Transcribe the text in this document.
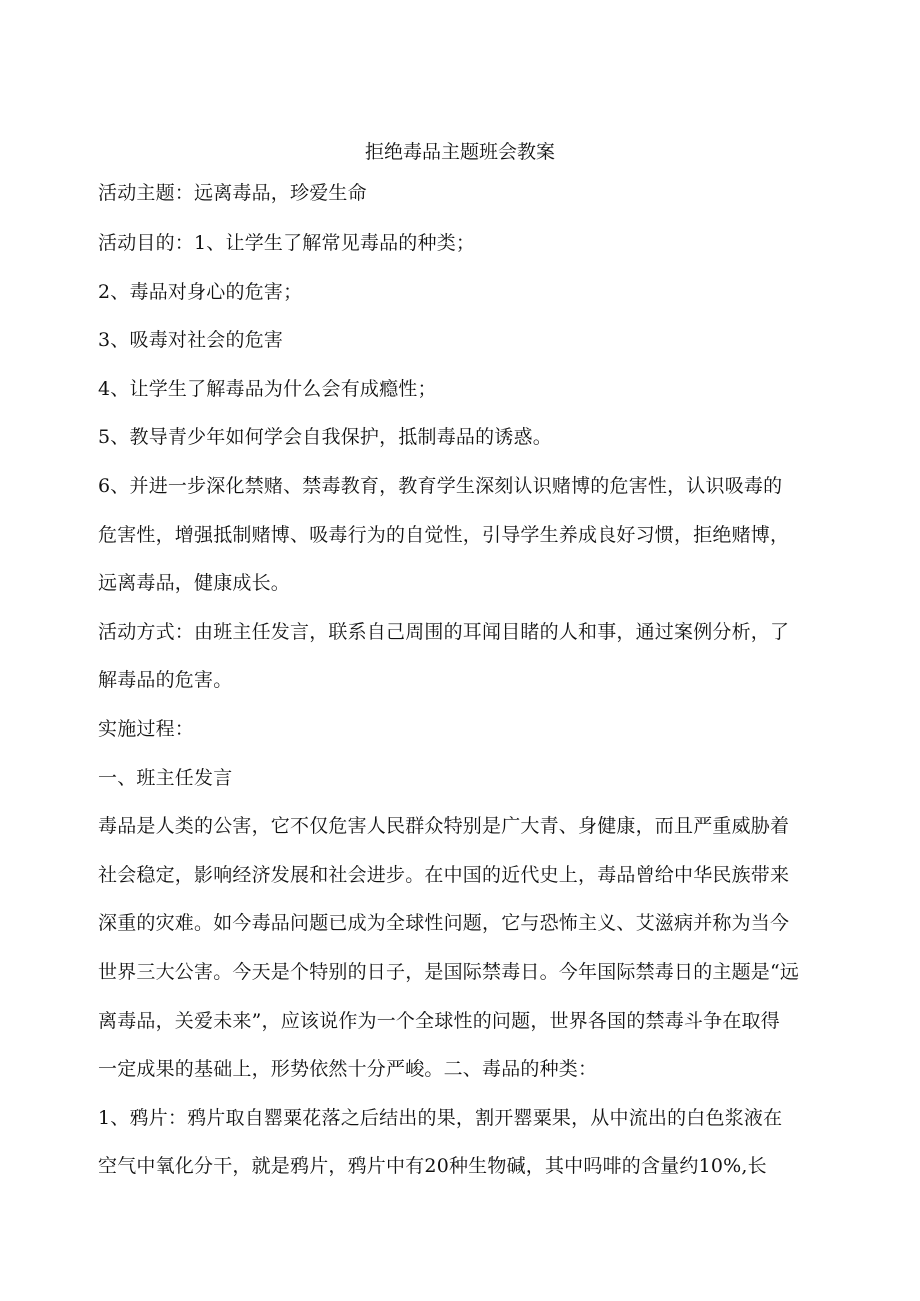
拒绝毒品主题班会教案
活动主题：远离毒品，珍爱生命
活动目的：1、让学生了解常见毒品的种类；
2、毒品对身心的危害；
3、吸毒对社会的危害
4、让学生了解毒品为什么会有成瘾性；
5、教导青少年如何学会自我保护，抵制毒品的诱惑。
6、并进一步深化禁赌、禁毒教育，教育学生深刻认识赌博的危害性，认识吸毒的
危害性，增强抵制赌博、吸毒行为的自觉性，引导学生养成良好习惯，拒绝赌博，
远离毒品，健康成长。
活动方式：由班主任发言，联系自己周围的耳闻目睹的人和事，通过案例分析，了
解毒品的危害。
实施过程：
一、班主任发言
毒品是人类的公害，它不仅危害人民群众特别是广大青、身健康，而且严重威胁着
社会稳定，影响经济发展和社会进步。在中国的近代史上，毒品曾给中华民族带来
深重的灾难。如今毒品问题已成为全球性问题，它与恐怖主义、艾滋病并称为当今
世界三大公害。今天是个特别的日子，是国际禁毒日。今年国际禁毒日的主题是“远
离毒品，关爱未来”，应该说作为一个全球性的问题，世界各国的禁毒斗争在取得
一定成果的基础上，形势依然十分严峻。二、毒品的种类：
1、鸦片：鸦片取自罂粟花落之后结出的果，割开罂粟果，从中流出的白色浆液在
空气中氧化分干，就是鸦片，鸦片中有20种生物碱，其中吗啡的含量约10%,长
